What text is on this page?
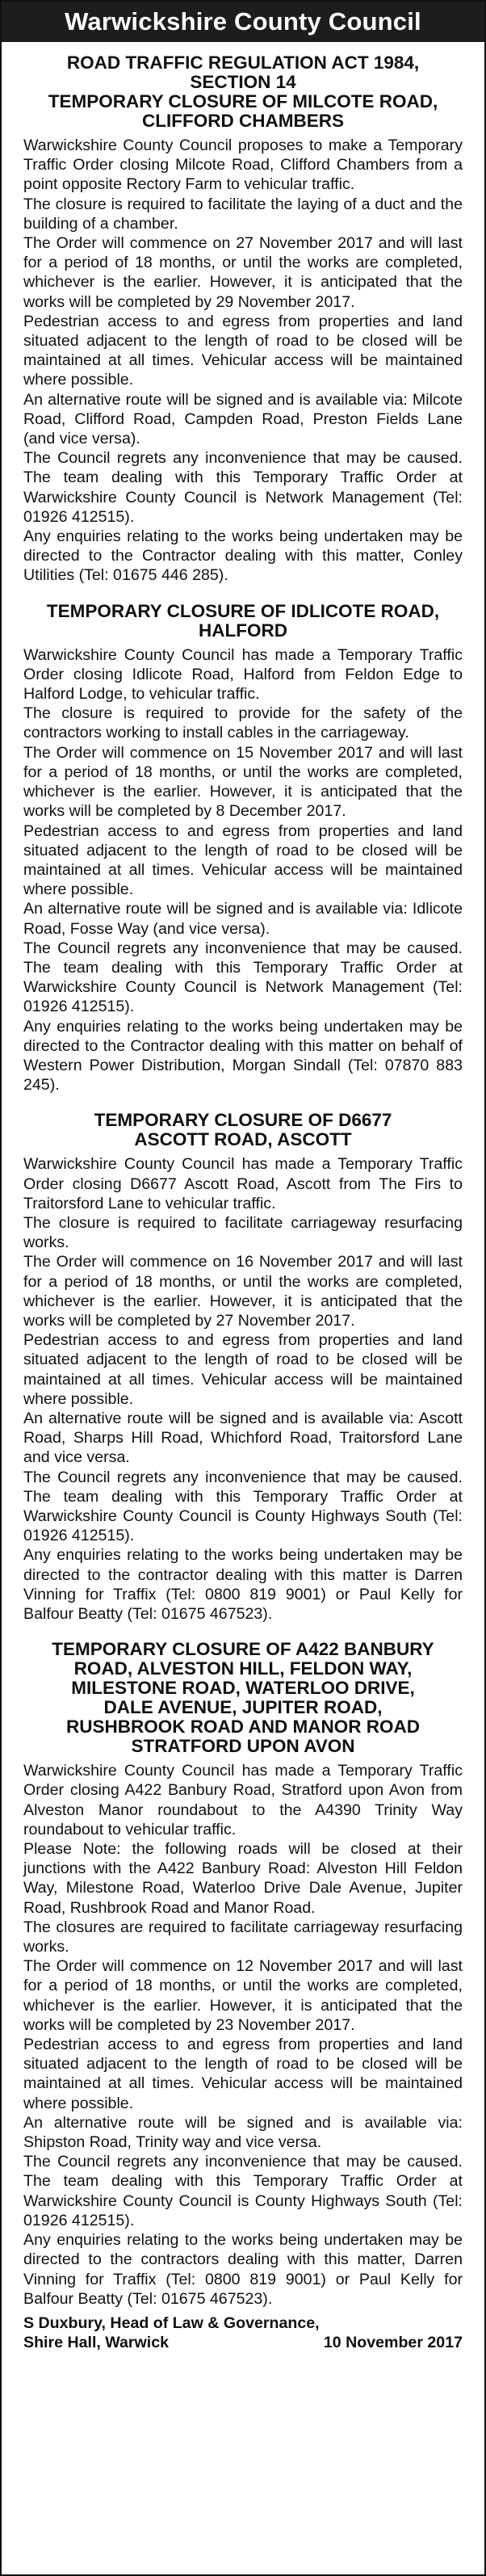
Warwickshire County Council
ROAD TRAFFIC REGULATION ACT 1984,
SECTION 14
TEMPORARY CLOSURE OF MILCOTE ROAD,
CLIFFORD CHAMBERS

Warwickshire County Council proposes to make a Temporary Traffic Order closing Milcote Road, Clifford Chambers from a point opposite Rectory Farm to vehicular traffic.

The closure is required to facilitate the laying of a duct and the building of a chamber.

The Order will commence on 27 November 2017 and will last for a period of 18 months, or until the works are completed, whichever is the earlier. However, it is anticipated that the works will be completed by 29 November 2017.

Pedestrian access to and egress from properties and land situated adjacent to the length of road to be closed will be maintained at all times. Vehicular access will be maintained where possible.

An alternative route will be signed and is available via: Milcote Road, Clifford Road, Campden Road, Preston Fields Lane (and vice versa).

The Council regrets any inconvenience that may be caused. The team dealing with this Temporary Traffic Order at Warwickshire County Council is Network Management (Tel: 01926 412515).

Any enquiries relating to the works being undertaken may be directed to the Contractor dealing with this matter, Conley Utilities (Tel: 01675 446 285).

TEMPORARY CLOSURE OF IDLICOTE ROAD,
HALFORD

Warwickshire County Council has made a Temporary Traffic Order closing Idlicote Road, Halford from Feldon Edge to Halford Lodge, to vehicular traffic.

The closure is required to provide for the safety of the contractors working to install cables in the carriageway.

The Order will commence on 15 November 2017 and will last for a period of 18 months, or until the works are completed, whichever is the earlier. However, it is anticipated that the works will be completed by 8 December 2017.

Pedestrian access to and egress from properties and land situated adjacent to the length of road to be closed will be maintained at all times. Vehicular access will be maintained where possible.

An alternative route will be signed and is available via: Idlicote Road, Fosse Way (and vice versa).

The Council regrets any inconvenience that may be caused. The team dealing with this Temporary Traffic Order at Warwickshire County Council is Network Management (Tel: 01926 412515).

Any enquiries relating to the works being undertaken may be directed to the Contractor dealing with this matter on behalf of Western Power Distribution, Morgan Sindall (Tel: 07870 883 245).

TEMPORARY CLOSURE OF D6677
ASCOTT ROAD, ASCOTT

Warwickshire County Council has made a Temporary Traffic Order closing D6677 Ascott Road, Ascott from The Firs to Traitorsford Lane to vehicular traffic.

The closure is required to facilitate carriageway resurfacing works.

The Order will commence on 16 November 2017 and will last for a period of 18 months, or until the works are completed, whichever is the earlier. However, it is anticipated that the works will be completed by 27 November 2017.

Pedestrian access to and egress from properties and land situated adjacent to the length of road to be closed will be maintained at all times. Vehicular access will be maintained where possible.

An alternative route will be signed and is available via: Ascott Road, Sharps Hill Road, Whichford Road, Traitorsford Lane and vice versa.

The Council regrets any inconvenience that may be caused. The team dealing with this Temporary Traffic Order at Warwickshire County Council is County Highways South (Tel: 01926 412515).

Any enquiries relating to the works being undertaken may be directed to the contractor dealing with this matter is Darren Vinning for Traffix (Tel: 0800 819 9001) or Paul Kelly for Balfour Beatty (Tel: 01675 467523).

TEMPORARY CLOSURE OF A422 BANBURY
ROAD, ALVESTON HILL, FELDON WAY,
MILESTONE ROAD, WATERLOO DRIVE,
DALE AVENUE, JUPITER ROAD,
RUSHBROOK ROAD AND MANOR ROAD
STRATFORD UPON AVON

Warwickshire County Council has made a Temporary Traffic Order closing A422 Banbury Road, Stratford upon Avon from Alveston Manor roundabout to the A4390 Trinity Way roundabout to vehicular traffic.

Please Note: the following roads will be closed at their junctions with the A422 Banbury Road: Alveston Hill Feldon Way, Milestone Road, Waterloo Drive Dale Avenue, Jupiter Road, Rushbrook Road and Manor Road.

The closures are required to facilitate carriageway resurfacing works.

The Order will commence on 12 November 2017 and will last for a period of 18 months, or until the works are completed, whichever is the earlier. However, it is anticipated that the works will be completed by 23 November 2017.

Pedestrian access to and egress from properties and land situated adjacent to the length of road to be closed will be maintained at all times. Vehicular access will be maintained where possible.

An alternative route will be signed and is available via: Shipston Road, Trinity way and vice versa.

The Council regrets any inconvenience that may be caused. The team dealing with this Temporary Traffic Order at Warwickshire County Council is County Highways South (Tel: 01926 412515).

Any enquiries relating to the works being undertaken may be directed to the contractors dealing with this matter, Darren Vinning for Traffix (Tel: 0800 819 9001) or Paul Kelly for Balfour Beatty (Tel: 01675 467523).

S Duxbury, Head of Law & Governance,
Shire Hall, Warwick	10 November 2017
